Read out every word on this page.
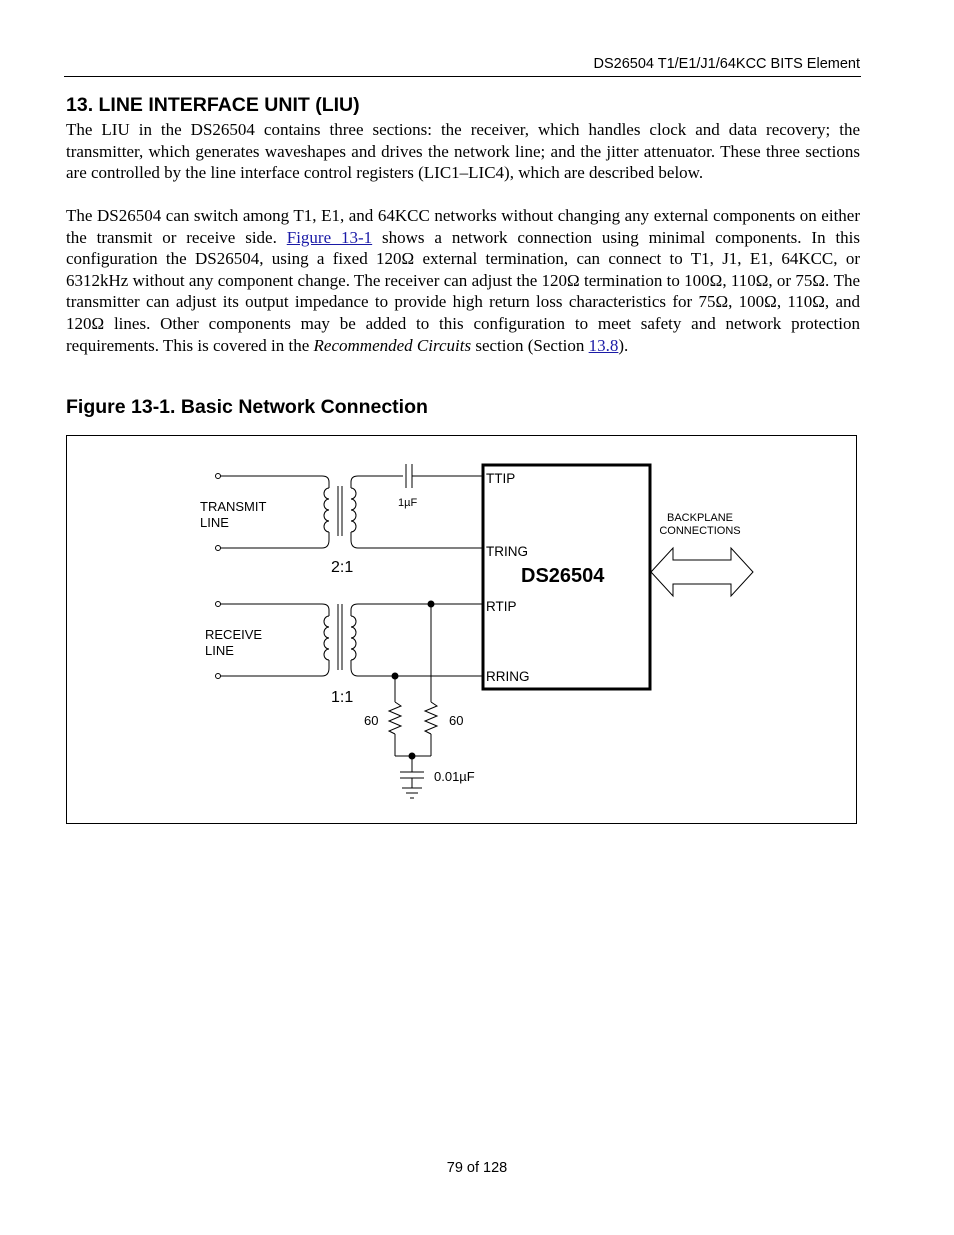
DS26504 T1/E1/J1/64KCC BITS Element
13. LINE INTERFACE UNIT (LIU)

The LIU in the DS26504 contains three sections: the receiver, which handles clock and data recovery; the transmitter, which generates waveshapes and drives the network line; and the jitter attenuator. These three sections are controlled by the line interface control registers (LIC1–LIC4), which are described below.

The DS26504 can switch among T1, E1, and 64KCC networks without changing any external components on either the transmit or receive side. Figure 13-1 shows a network connection using minimal components. In this configuration the DS26504, using a fixed 120Ω external termination, can connect to T1, J1, E1, 64KCC, or 6312kHz without any component change. The receiver can adjust the 120Ω termination to 100Ω, 110Ω, or 75Ω. The transmitter can adjust its output impedance to provide high return loss characteristics for 75Ω, 100Ω, 110Ω, and 120Ω lines. Other components may be added to this configuration to meet safety and network protection requirements. This is covered in the Recommended Circuits section (Section 13.8).

Figure 13-1. Basic Network Connection
TRANSMIT
LINE
RECEIVE
LINE
2:1
1:1
1µF
60	60
0.01µF
TTIP
TRING
DS26504
RTIP
RRING
BACKPLANE
CONNECTIONS
79 of 128
